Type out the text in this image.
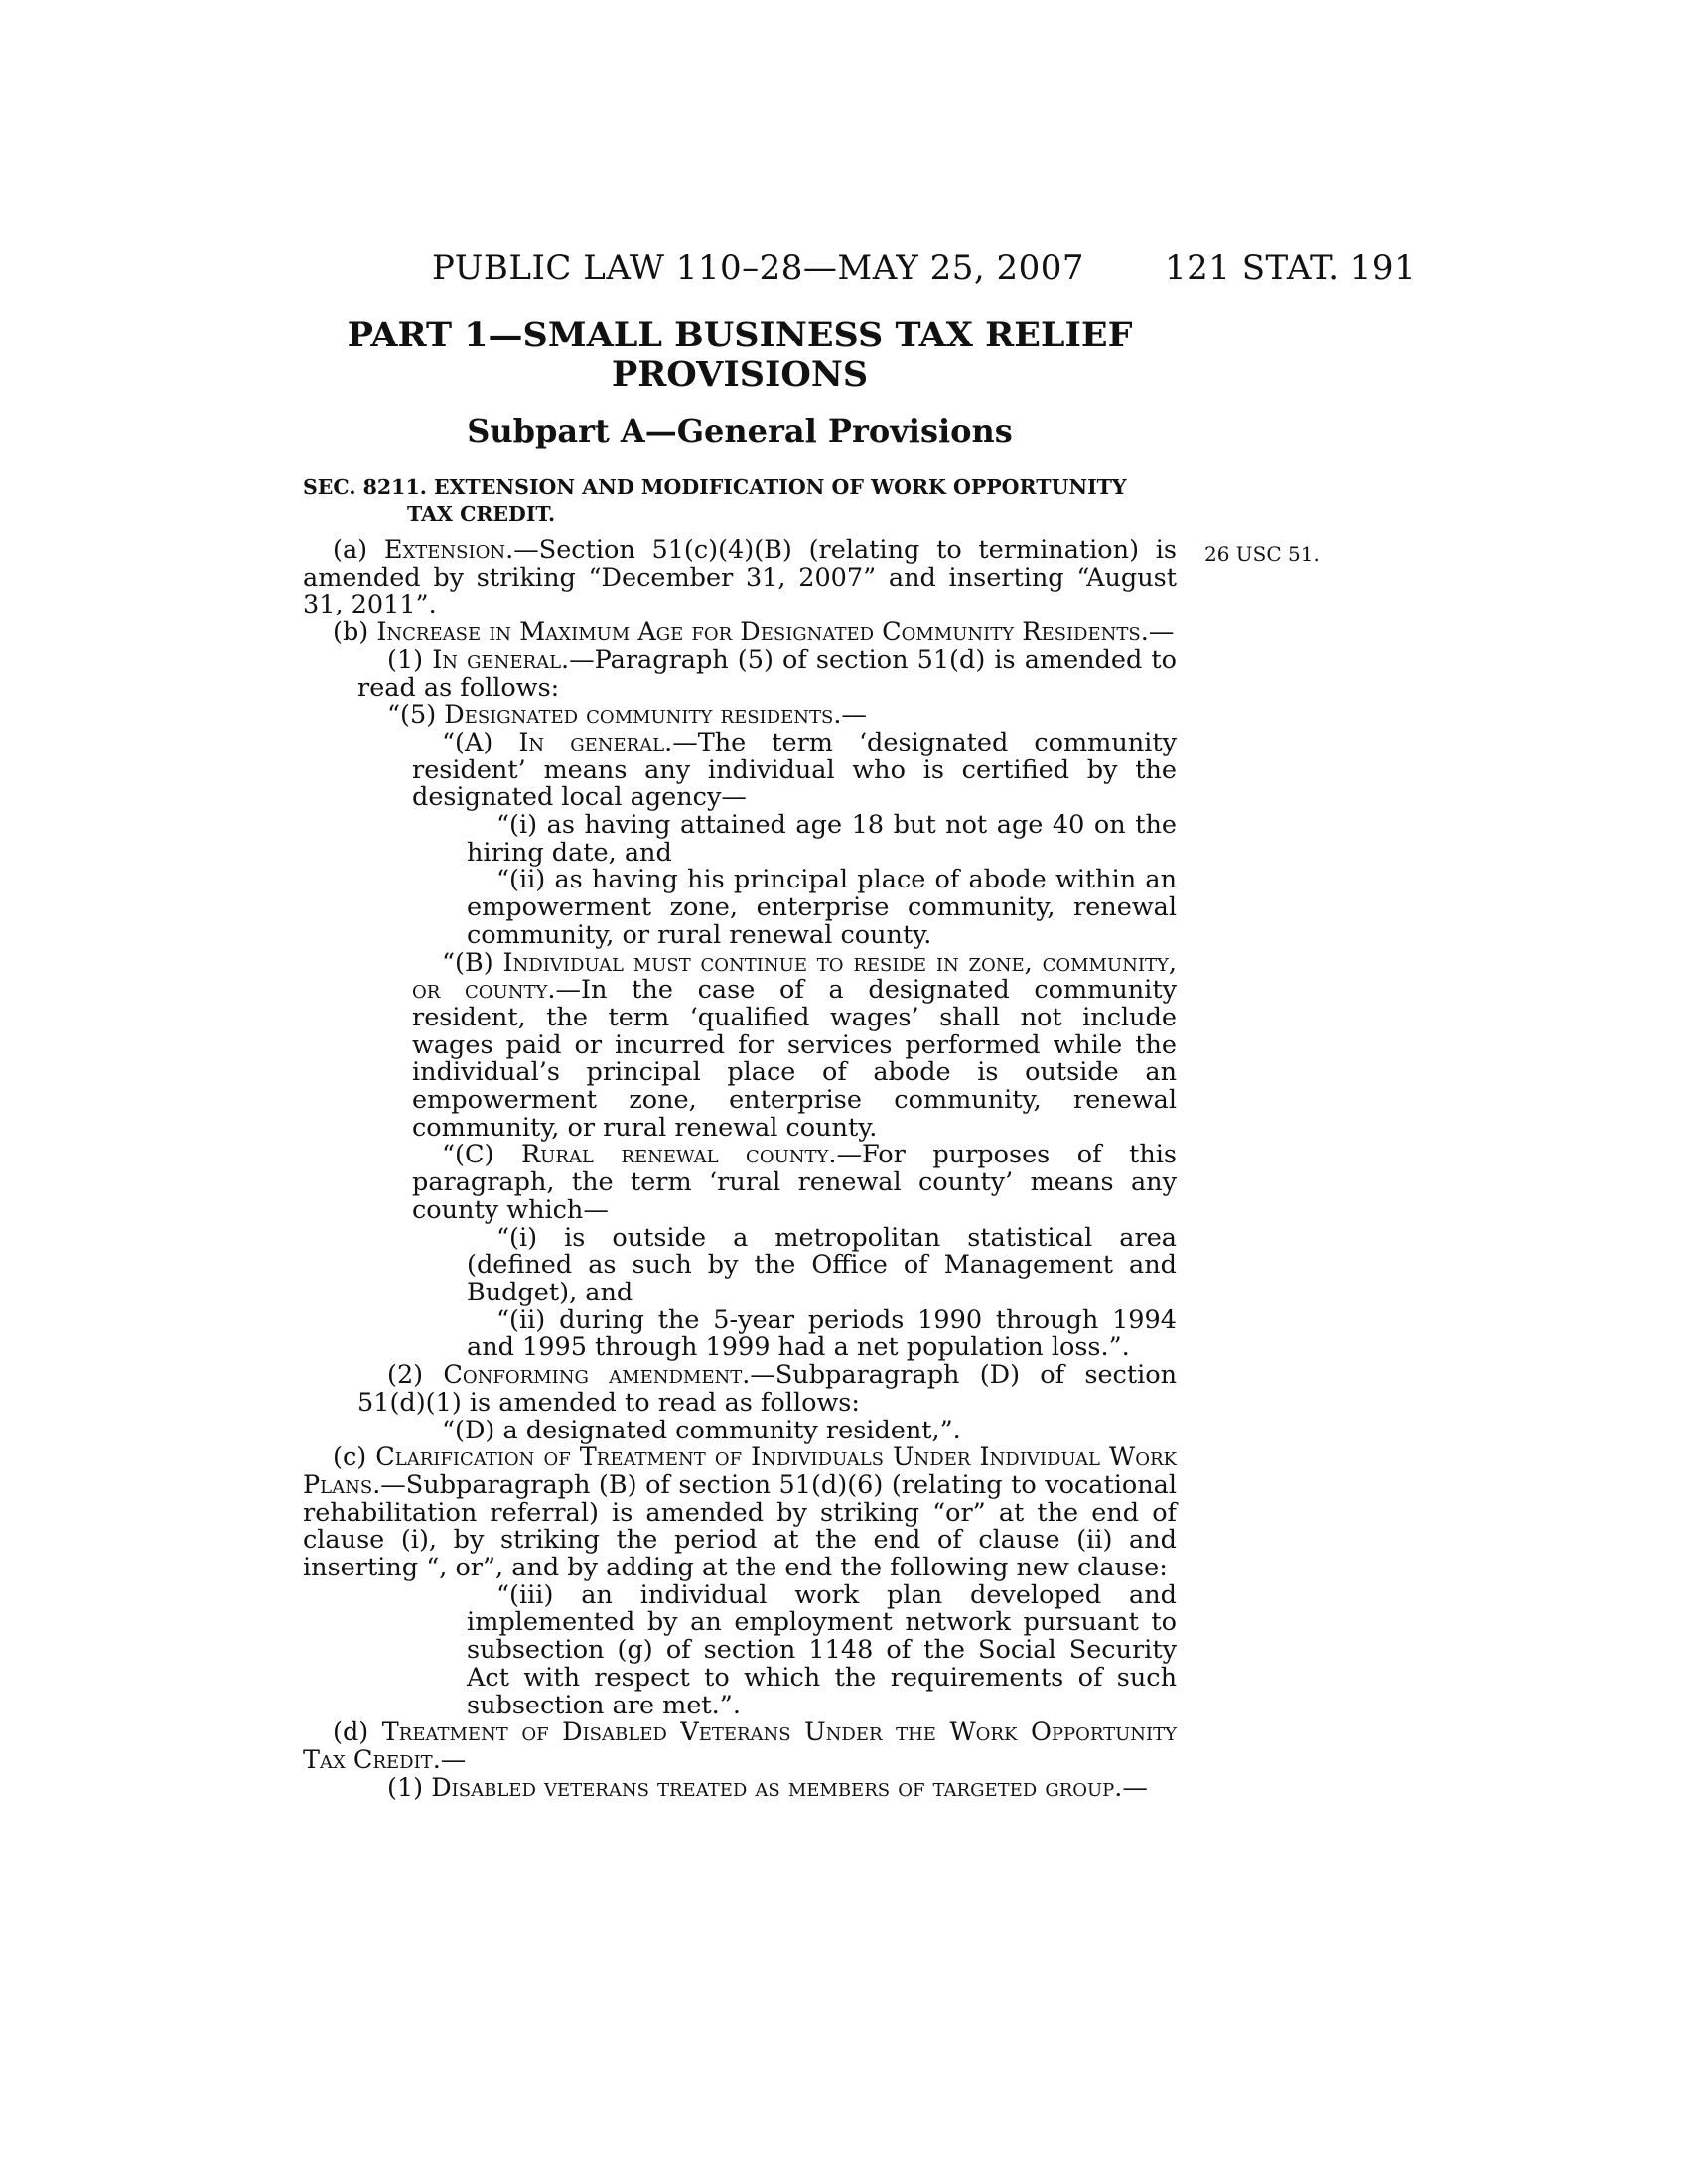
PUBLIC LAW 110–28—MAY 25, 2007 121 STAT. 191
PART 1—SMALL BUSINESS TAX RELIEF PROVISIONS
Subpart A—General Provisions
SEC. 8211. EXTENSION AND MODIFICATION OF WORK OPPORTUNITY
TAX CREDIT.
26 USC 51.

(a) Extension.—Section 51(c)(4)(B) (relating to termination) is amended by striking “December 31, 2007” and inserting “August 31, 2011”.

(b) Increase in Maximum Age for Designated Community Residents.—

(1) In general.—Paragraph (5) of section 51(d) is amended to read as follows:

“(5) Designated community residents.—

“(A) In general.—The term ‘designated community resident’ means any individual who is certified by the designated local agency—

“(i) as having attained age 18 but not age 40 on the hiring date, and

“(ii) as having his principal place of abode within an empowerment zone, enterprise community, renewal community, or rural renewal county.

“(B) Individual must continue to reside in zone, community, or county.—In the case of a designated community resident, the term ‘qualified wages’ shall not include wages paid or incurred for services performed while the individual’s principal place of abode is outside an empowerment zone, enterprise community, renewal community, or rural renewal county.

“(C) Rural renewal county.—For purposes of this paragraph, the term ‘rural renewal county’ means any county which—

“(i) is outside a metropolitan statistical area (defined as such by the Office of Management and Budget), and

“(ii) during the 5-year periods 1990 through 1994 and 1995 through 1999 had a net population loss.”.

(2) Conforming amendment.—Subparagraph (D) of section 51(d)(1) is amended to read as follows:

“(D) a designated community resident,”.

(c) Clarification of Treatment of Individuals Under Individual Work Plans.—Subparagraph (B) of section 51(d)(6) (relating to vocational rehabilitation referral) is amended by striking “or” at the end of clause (i), by striking the period at the end of clause (ii) and inserting “, or”, and by adding at the end the following new clause:

“(iii) an individual work plan developed and implemented by an employment network pursuant to subsection (g) of section 1148 of the Social Security Act with respect to which the requirements of such subsection are met.”.

(d) Treatment of Disabled Veterans Under the Work Opportunity Tax Credit.—

(1) Disabled veterans treated as members of targeted group.—
